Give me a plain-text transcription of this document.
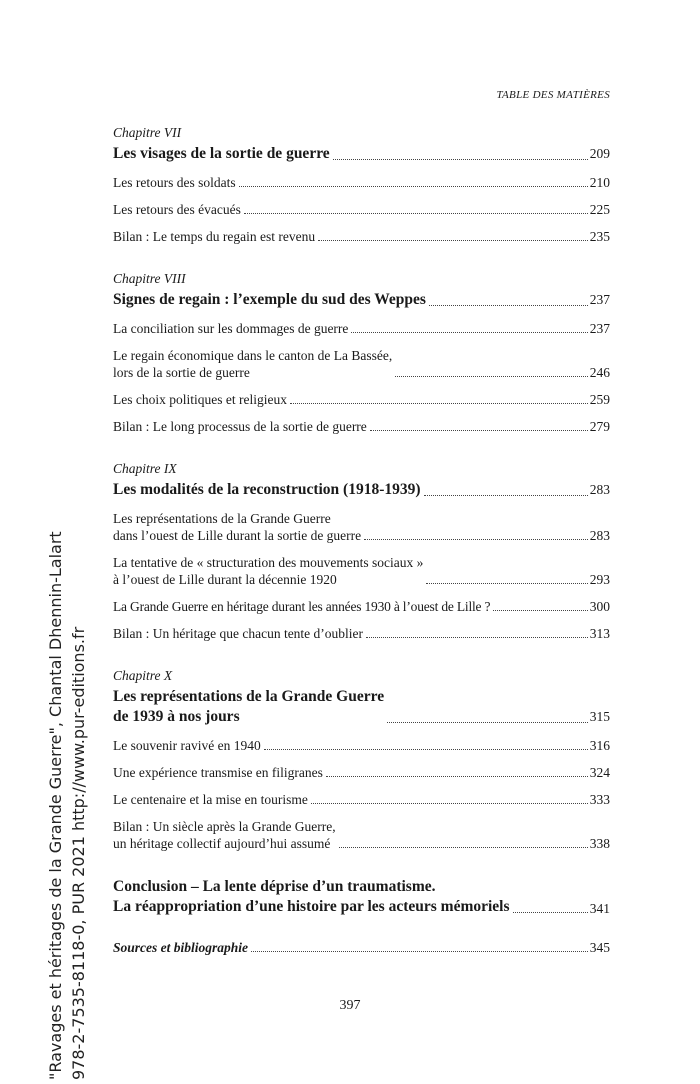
TABLE DES MATIÈRES
Chapitre VII
Les visages de la sortie de guerre	209
Les retours des soldats	210
Les retours des évacués	225
Bilan : Le temps du regain est revenu	235
Chapitre VIII
Signes de regain : l’exemple du sud des Weppes	237
La conciliation sur les dommages de guerre	237
Le regain économique dans le canton de La Bassée,
lors de la sortie de guerre	246
Les choix politiques et religieux	259
Bilan : Le long processus de la sortie de guerre	279
Chapitre IX
Les modalités de la reconstruction (1918-1939)	283
Les représentations de la Grande Guerre
dans l’ouest de Lille durant la sortie de guerre	283
La tentative de « structuration des mouvements sociaux »
à l’ouest de Lille durant la décennie 1920	293
La Grande Guerre en héritage durant les années 1930 à l’ouest de Lille ?	300
Bilan : Un héritage que chacun tente d’oublier	313
Chapitre X
Les représentations de la Grande Guerre
de 1939 à nos jours	315
Le souvenir ravivé en 1940	316
Une expérience transmise en filigranes	324
Le centenaire et la mise en tourisme	333
Bilan : Un siècle après la Grande Guerre,
un héritage collectif aujourd’hui assumé	338
Conclusion – La lente déprise d’un traumatisme.
La réappropriation d’une histoire par les acteurs mémoriels	341
Sources et bibliographie	345
397
"Ravages et héritages de la Grande Guerre", Chantal Dhennin-Lalart 978-2-7535-8118-0, PUR 2021 http://www.pur-editions.fr
